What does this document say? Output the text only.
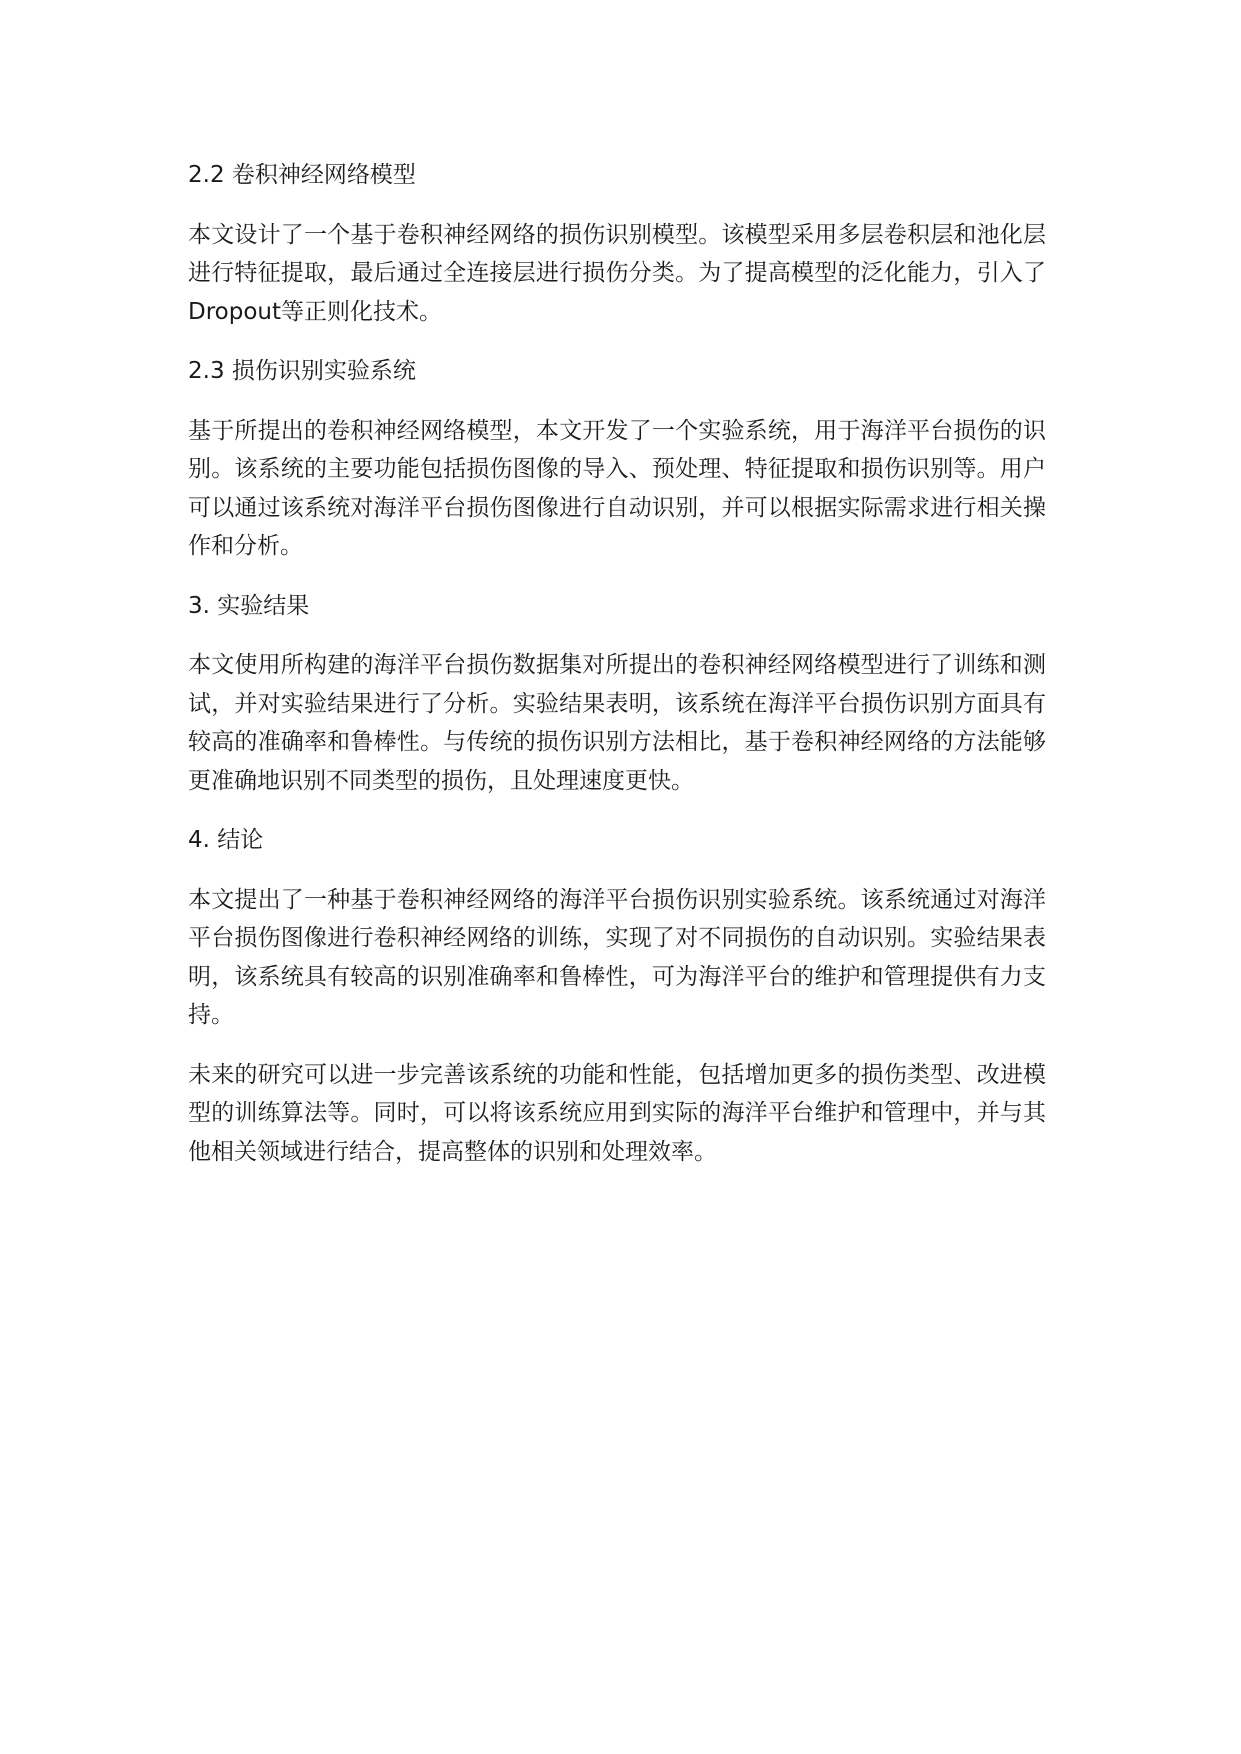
2.2 卷积神经网络模型

本文设计了一个基于卷积神经网络的损伤识别模型。该模型采用多层卷积层和池化层进行特征提取，最后通过全连接层进行损伤分类。为了提高模型的泛化能力，引入了Dropout等正则化技术。

2.3 损伤识别实验系统

基于所提出的卷积神经网络模型，本文开发了一个实验系统，用于海洋平台损伤的识别。该系统的主要功能包括损伤图像的导入、预处理、特征提取和损伤识别等。用户可以通过该系统对海洋平台损伤图像进行自动识别，并可以根据实际需求进行相关操作和分析。

3. 实验结果

本文使用所构建的海洋平台损伤数据集对所提出的卷积神经网络模型进行了训练和测试，并对实验结果进行了分析。实验结果表明，该系统在海洋平台损伤识别方面具有较高的准确率和鲁棒性。与传统的损伤识别方法相比，基于卷积神经网络的方法能够更准确地识别不同类型的损伤，且处理速度更快。

4. 结论

本文提出了一种基于卷积神经网络的海洋平台损伤识别实验系统。该系统通过对海洋平台损伤图像进行卷积神经网络的训练，实现了对不同损伤的自动识别。实验结果表明，该系统具有较高的识别准确率和鲁棒性，可为海洋平台的维护和管理提供有力支持。

未来的研究可以进一步完善该系统的功能和性能，包括增加更多的损伤类型、改进模型的训练算法等。同时，可以将该系统应用到实际的海洋平台维护和管理中，并与其他相关领域进行结合，提高整体的识别和处理效率。
